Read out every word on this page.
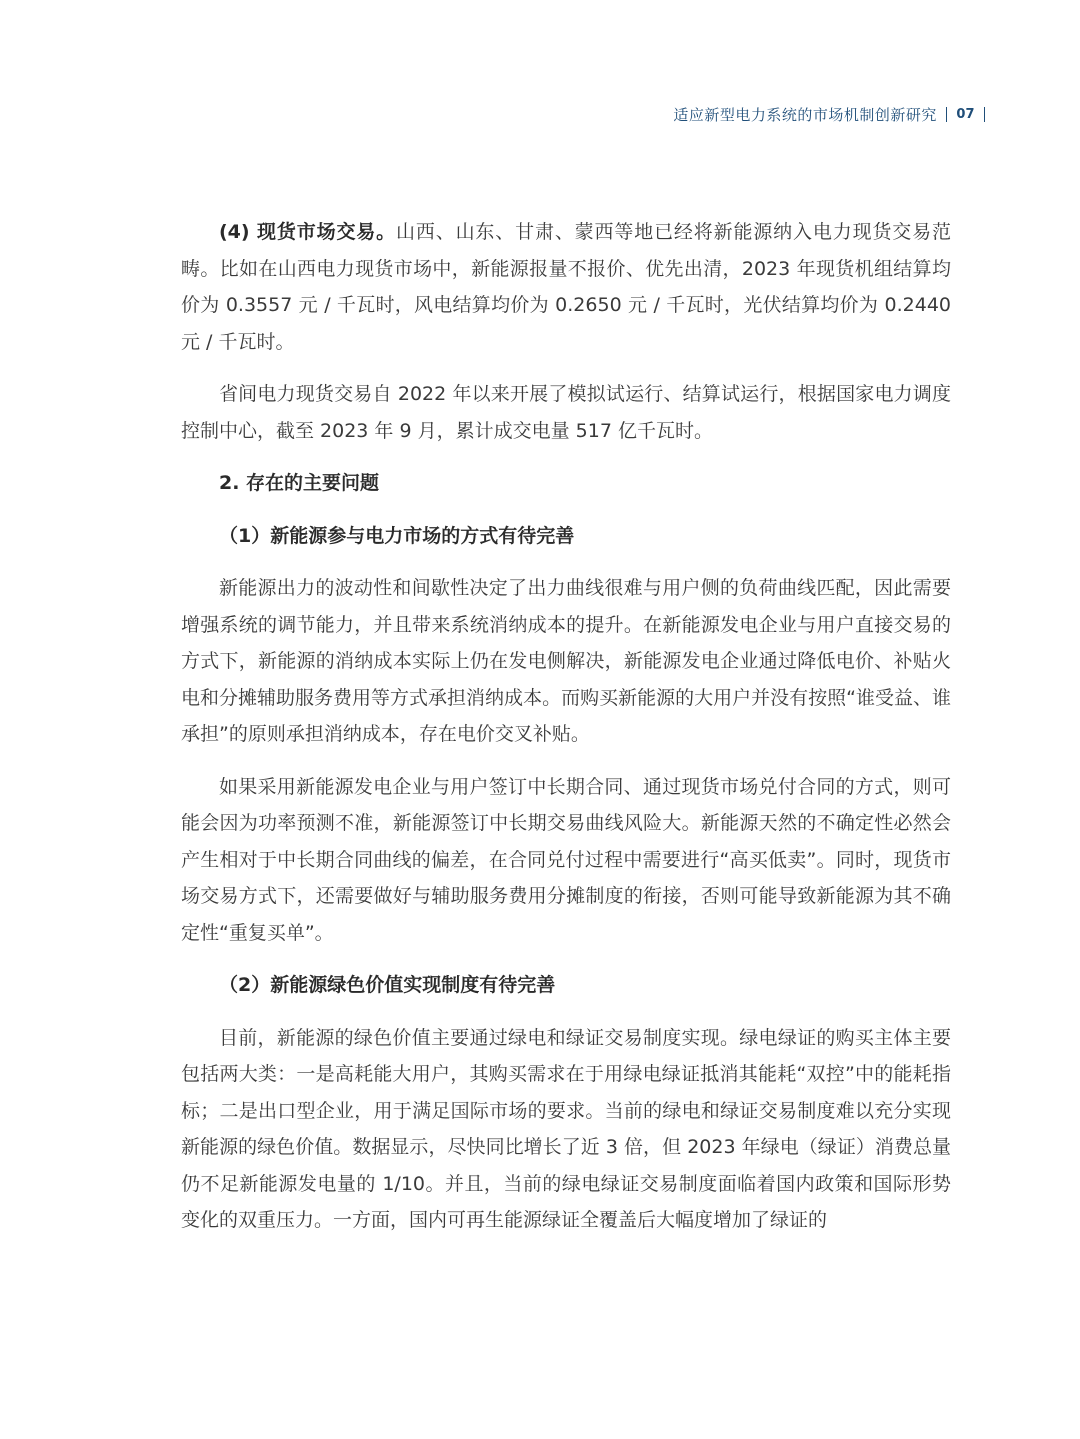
适应新型电力系统的市场机制创新研究 07

(4) 现货市场交易。山西、山东、甘肃、蒙西等地已经将新能源纳入电力现货交易范畴。比如在山西电力现货市场中，新能源报量不报价、优先出清，2023 年现货机组结算均价为 0.3557 元 / 千瓦时，风电结算均价为 0.2650 元 / 千瓦时，光伏结算均价为 0.2440 元 / 千瓦时。

省间电力现货交易自 2022 年以来开展了模拟试运行、结算试运行，根据国家电力调度控制中心，截至 2023 年 9 月，累计成交电量 517 亿千瓦时。

2. 存在的主要问题
（1）新能源参与电力市场的方式有待完善

新能源出力的波动性和间歇性决定了出力曲线很难与用户侧的负荷曲线匹配，因此需要增强系统的调节能力，并且带来系统消纳成本的提升。在新能源发电企业与用户直接交易的方式下，新能源的消纳成本实际上仍在发电侧解决，新能源发电企业通过降低电价、补贴火电和分摊辅助服务费用等方式承担消纳成本。而购买新能源的大用户并没有按照“谁受益、谁承担”的原则承担消纳成本，存在电价交叉补贴。

如果采用新能源发电企业与用户签订中长期合同、通过现货市场兑付合同的方式，则可能会因为功率预测不准，新能源签订中长期交易曲线风险大。新能源天然的不确定性必然会产生相对于中长期合同曲线的偏差，在合同兑付过程中需要进行“高买低卖”。同时，现货市场交易方式下，还需要做好与辅助服务费用分摊制度的衔接，否则可能导致新能源为其不确定性“重复买单”。

（2）新能源绿色价值实现制度有待完善

目前，新能源的绿色价值主要通过绿电和绿证交易制度实现。绿电绿证的购买主体主要包括两大类：一是高耗能大用户，其购买需求在于用绿电绿证抵消其能耗“双控”中的能耗指标；二是出口型企业，用于满足国际市场的要求。当前的绿电和绿证交易制度难以充分实现新能源的绿色价值。数据显示，尽快同比增长了近 3 倍，但 2023 年绿电（绿证）消费总量仍不足新能源发电量的 1/10。并且，当前的绿电绿证交易制度面临着国内政策和国际形势变化的双重压力。一方面，国内可再生能源绿证全覆盖后大幅度增加了绿证的
